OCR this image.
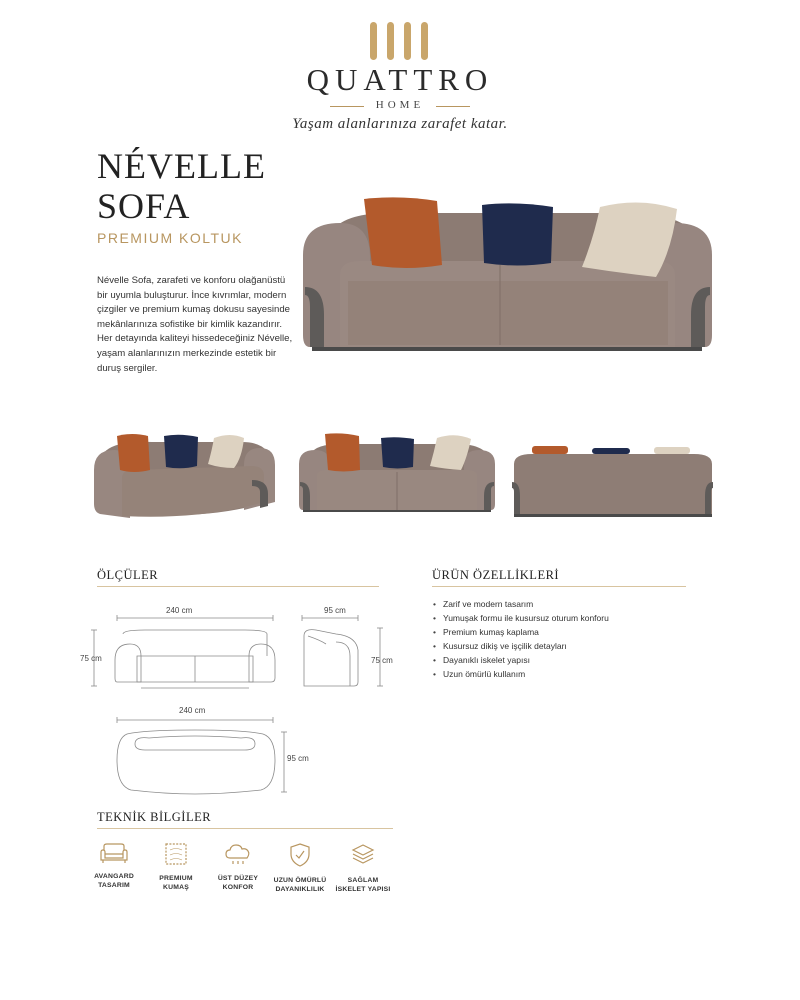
QUATTRO
HOME
Yaşam alanlarınıza zarafet katar.
NÉVELLE
SOFA
PREMIUM KOLTUK
Névelle Sofa, zarafeti ve konforu olağanüstü bir uyumla buluşturur. İnce kıvrımlar, modern çizgiler ve premium kumaş dokusu sayesinde mekânlarınıza sofistike bir kimlik kazandırır. Her detayında kaliteyi hissedeceğiniz Névelle, yaşam alanlarınızın merkezinde estetik bir duruş sergiler.
ÖLÇÜLER
240 cm
75 cm
95 cm
75 cm
240 cm
95 cm
ÜRÜN ÖZELLİKLERİ
• Zarif ve modern tasarım
• Yumuşak formu ile kusursuz oturum konforu
• Premium kumaş kaplama
• Kusursuz dikiş ve işçilik detayları
• Dayanıklı iskelet yapısı
• Uzun ömürlü kullanım
TEKNİK BİLGİLER
AVANGARD
TASARIM
PREMIUM
KUMAŞ
ÜST DÜZEY
KONFOR
UZUN ÖMÜRLÜ
DAYANIKLILIK
SAĞLAM
İSKELET YAPISI
